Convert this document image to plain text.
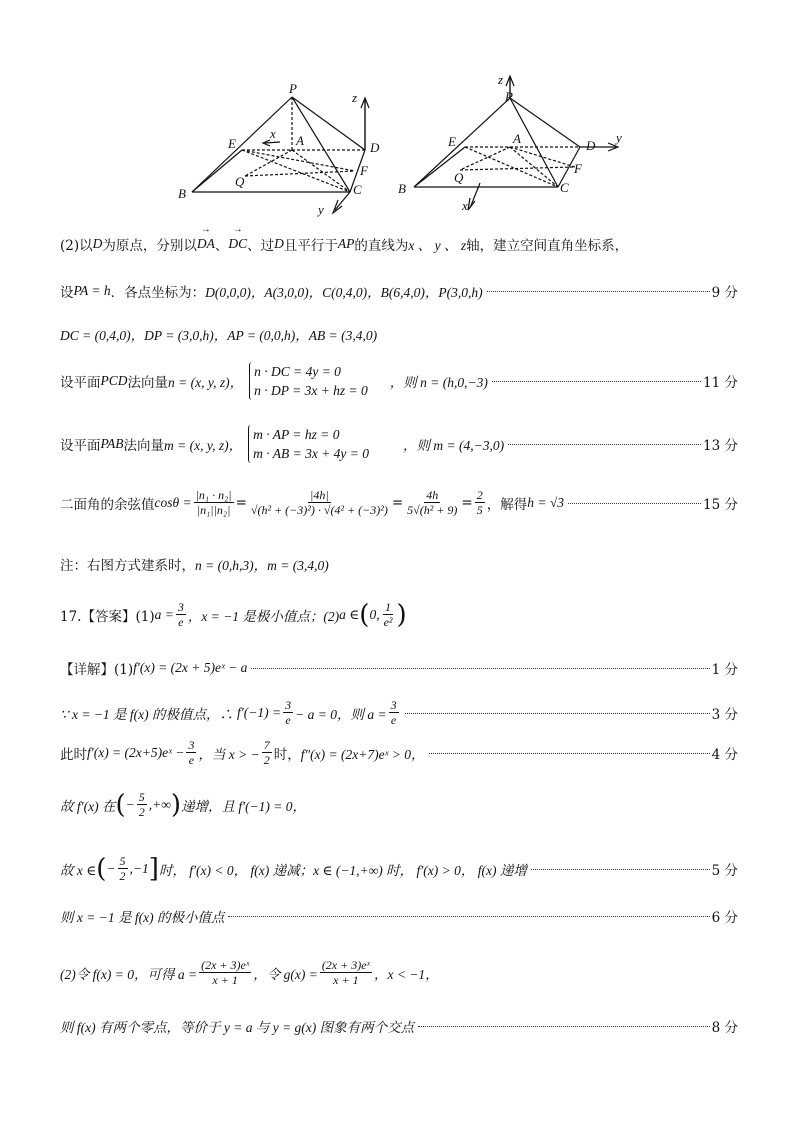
P
E
x A
z
D
Q
F
B	C
y
z
P
E	A	D
y
Q
F
B	C
x
(2)以 D 为原点，分别以 → DA 、 → DC 、过 D 且平行于 AP 的直线为 x 、 y 、 z 轴，建立空间直角坐标系，
设 PA = h ．各点坐标为： D(0,0,0)，A(3,0,0)，C(0,4,0)，B(6,4,0)，P(3,0,h)	9 分
DC = (0,4,0)，DP = (3,0,h)，AP = (0,0,h)，AB = (3,4,0)
设平面 PCD 法向量 n = (x, y, z)，
n · DC = 4y = 0
n · DP = 3x + hz = 0
，则 n = (h,0,−3)	11 分
设平面 PAB 法向量 m = (x, y, z)，
m · AP = hz = 0
m · AB = 3x + 4y = 0
，则 m = (4,−3,0)	13 分
二面角的余弦值 $\cos\theta = \frac{\text{|n₁ · n₂|}}{\text{|n₁||n₂|}} = \frac{|4h|}{\text{√(h² + (−3)²) · √(4² + (−3)²)}} = \frac{4h}{\text{5√(h² + 9)}} = \frac{2}{5}$ ，解得 h = √3	15 分
注：右图方式建系时， n = (0,h,3)，m = (3,4,0)
17.【答案】(1) $a = \frac{3}{e}$ ，x = −1 是极小值点；(2) a ∈ ( 0, $\frac{1}{\text{e²}}$ )
【详解】(1) f′(x) = (2x + 5)eˣ − a	1 分
∵ x = −1 是 f(x) 的极值点，∴ $f'(-1) = \frac{3}{e} - a = 0$，则 $a = \frac{3}{e}$	3 分
此时 f′(x) = (2x+5)eˣ − $\frac{3}{e}$ ，当 x > − $\frac{7}{2}$ 时， f″(x) = (2x+7)eˣ > 0，	4 分
故 f′(x) 在 ( − $\frac{5}{2}$ ,+∞ ) 递增，且 f′(−1) = 0，
故 x ∈ ( − $\frac{5}{2} ,-1$ ] 时， f′(x) < 0， f(x) 递减；x ∈ (−1,+∞) 时， f′(x) > 0， f(x) 递增	5 分
则 x = −1 是 f(x) 的极小值点	6 分
(2)令 f(x) = 0，可得 $a = \frac{\text{(2x + 3)eˣ}}{x + 1}$ ，令 $g(x) = \frac{\text{(2x + 3)eˣ}}{x + 1}$ ，x < −1，
则 f(x) 有两个零点，等价于 y = a 与 y = g(x) 图象有两个交点	8 分
